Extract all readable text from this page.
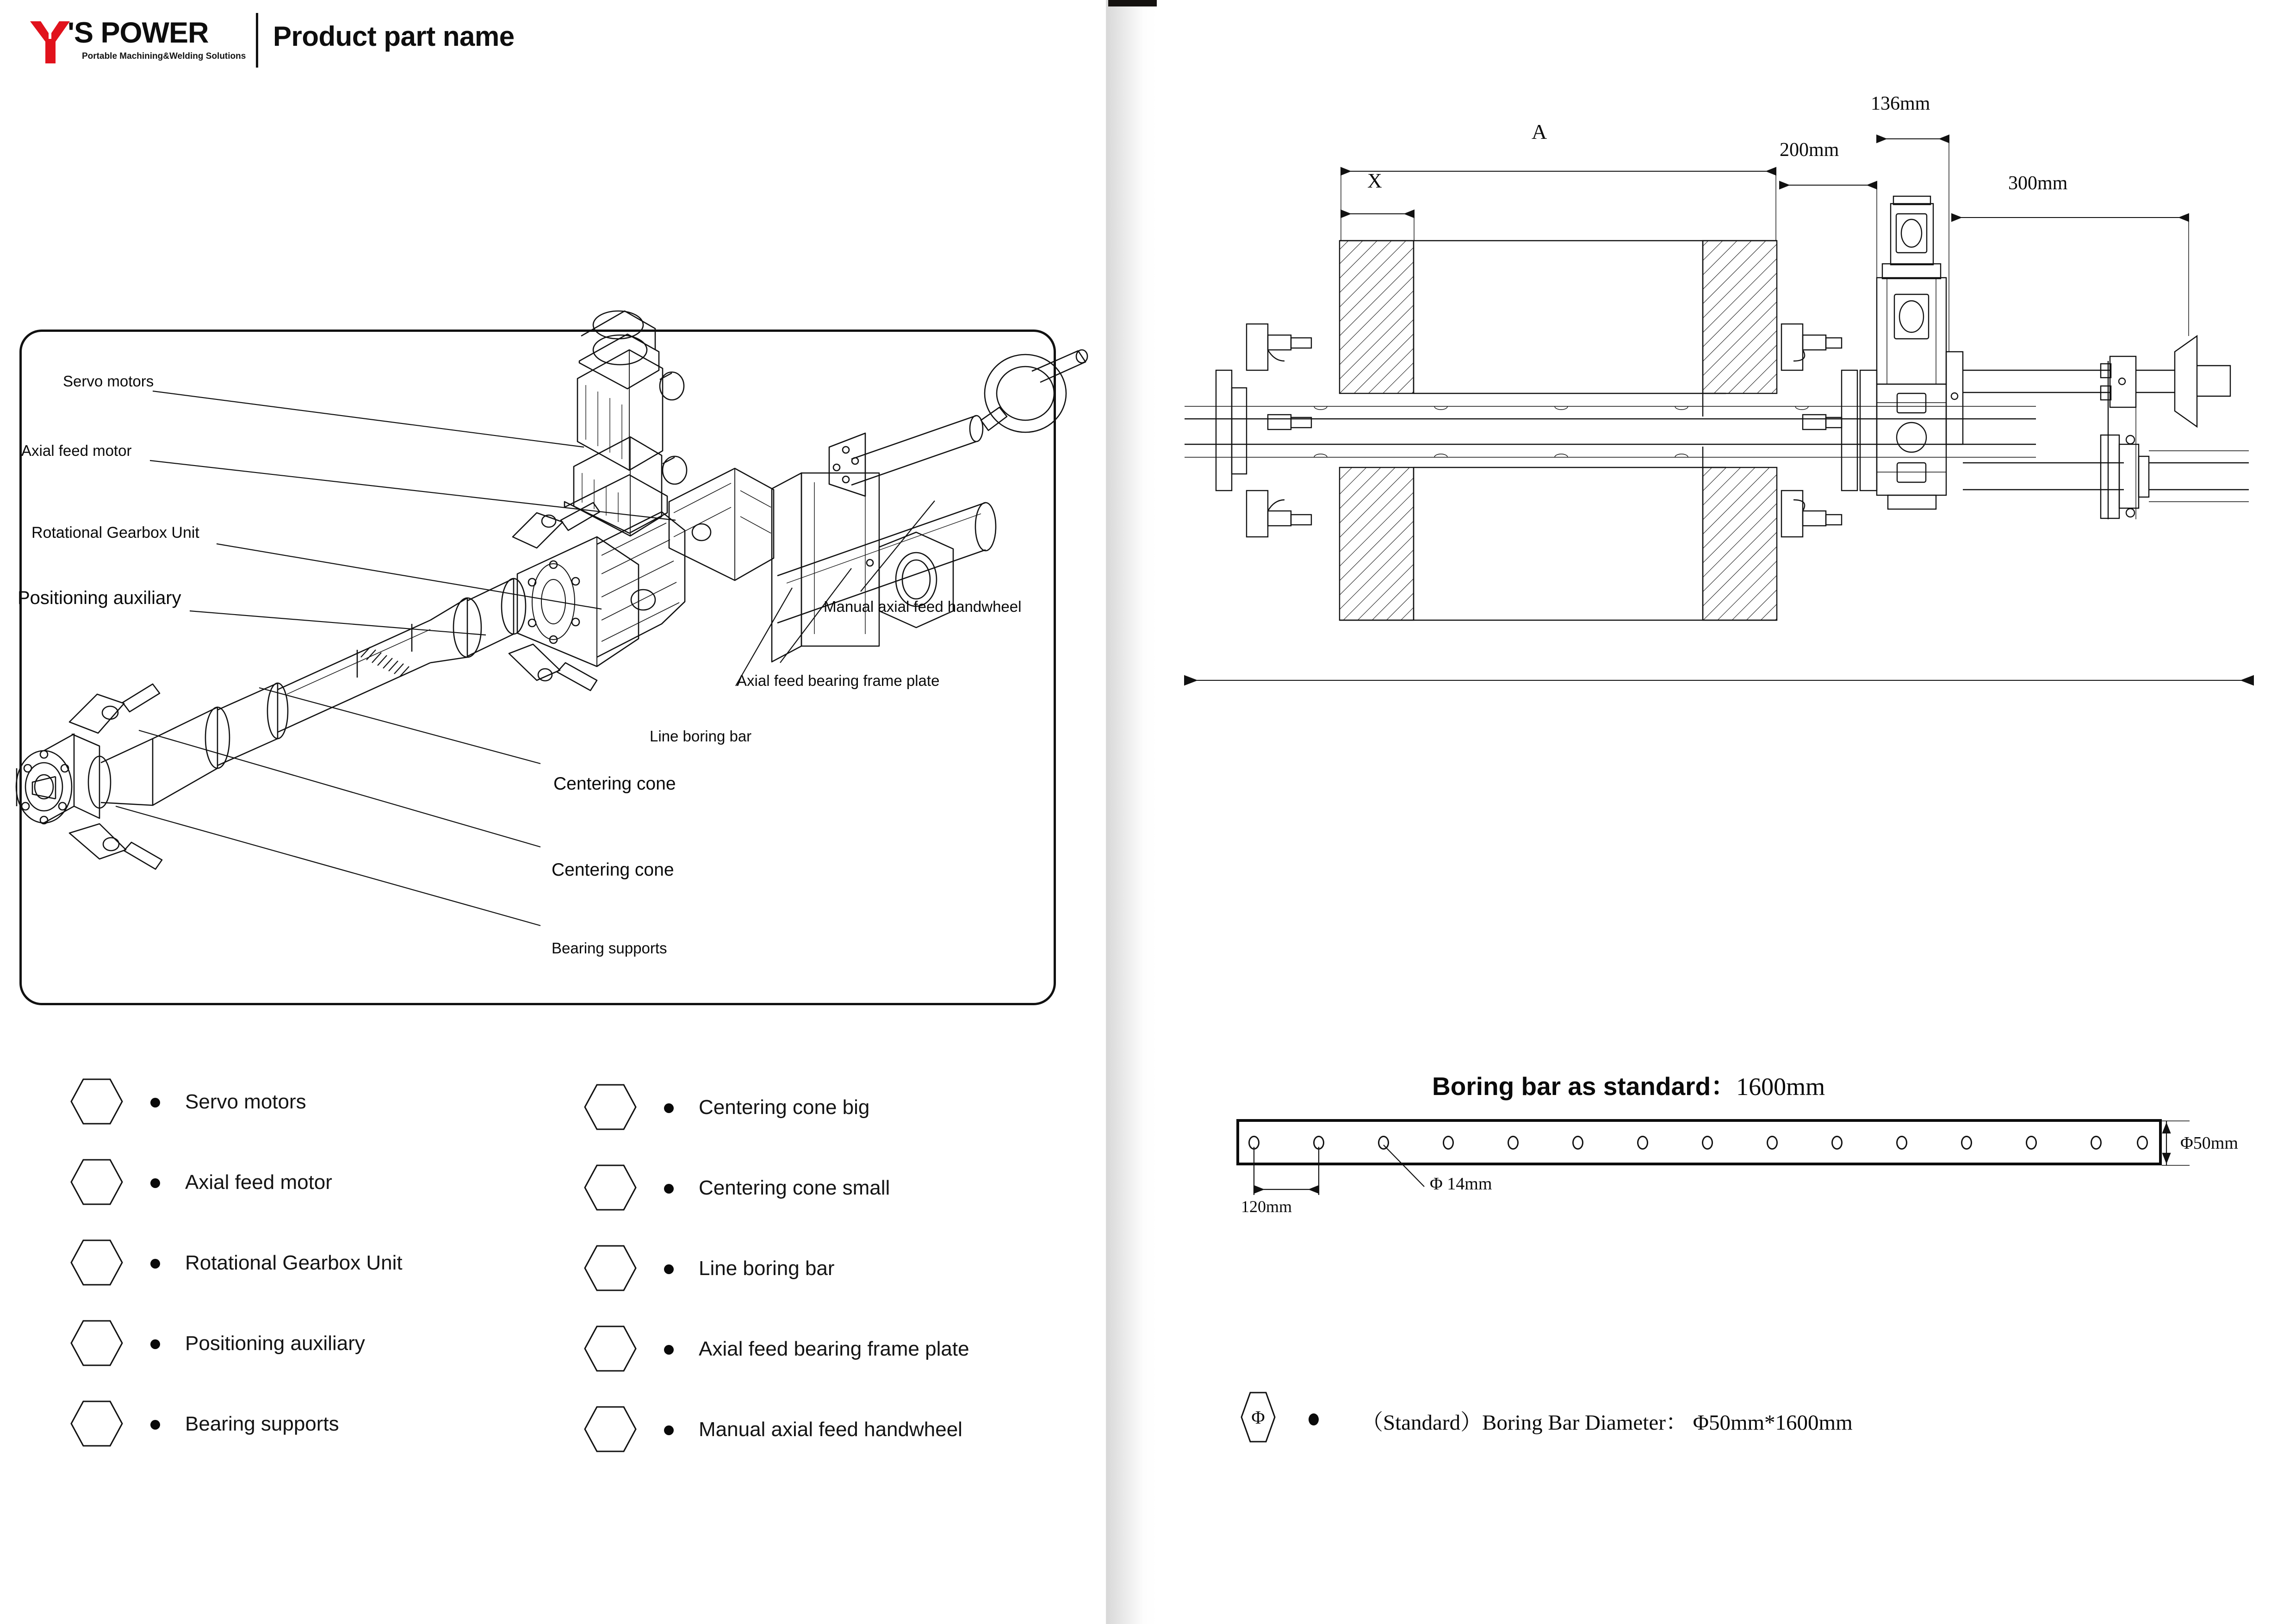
'S POWER
Portable Machining&Welding Solutions
Product part name
Servo motors
Axial feed motor
Rotational Gearbox Unit
Positioning auxiliary	Manual axial feed handwheel
Axial feed bearing frame plate
Line boring bar
Centering cone
Centering cone
Bearing supports
Servo motors
Axial feed motor
Rotational Gearbox Unit
Positioning auxiliary
Bearing supports
Centering cone big
Centering cone small
Line boring bar
Axial feed bearing frame plate
Manual axial feed handwheel
A
X
200mm
136mm
300mm
Boring bar as standard：1600mm
120mm
Φ 14mm
Φ50mm
Φ	（Standard）Boring Bar Diameter： Φ50mm*1600mm
